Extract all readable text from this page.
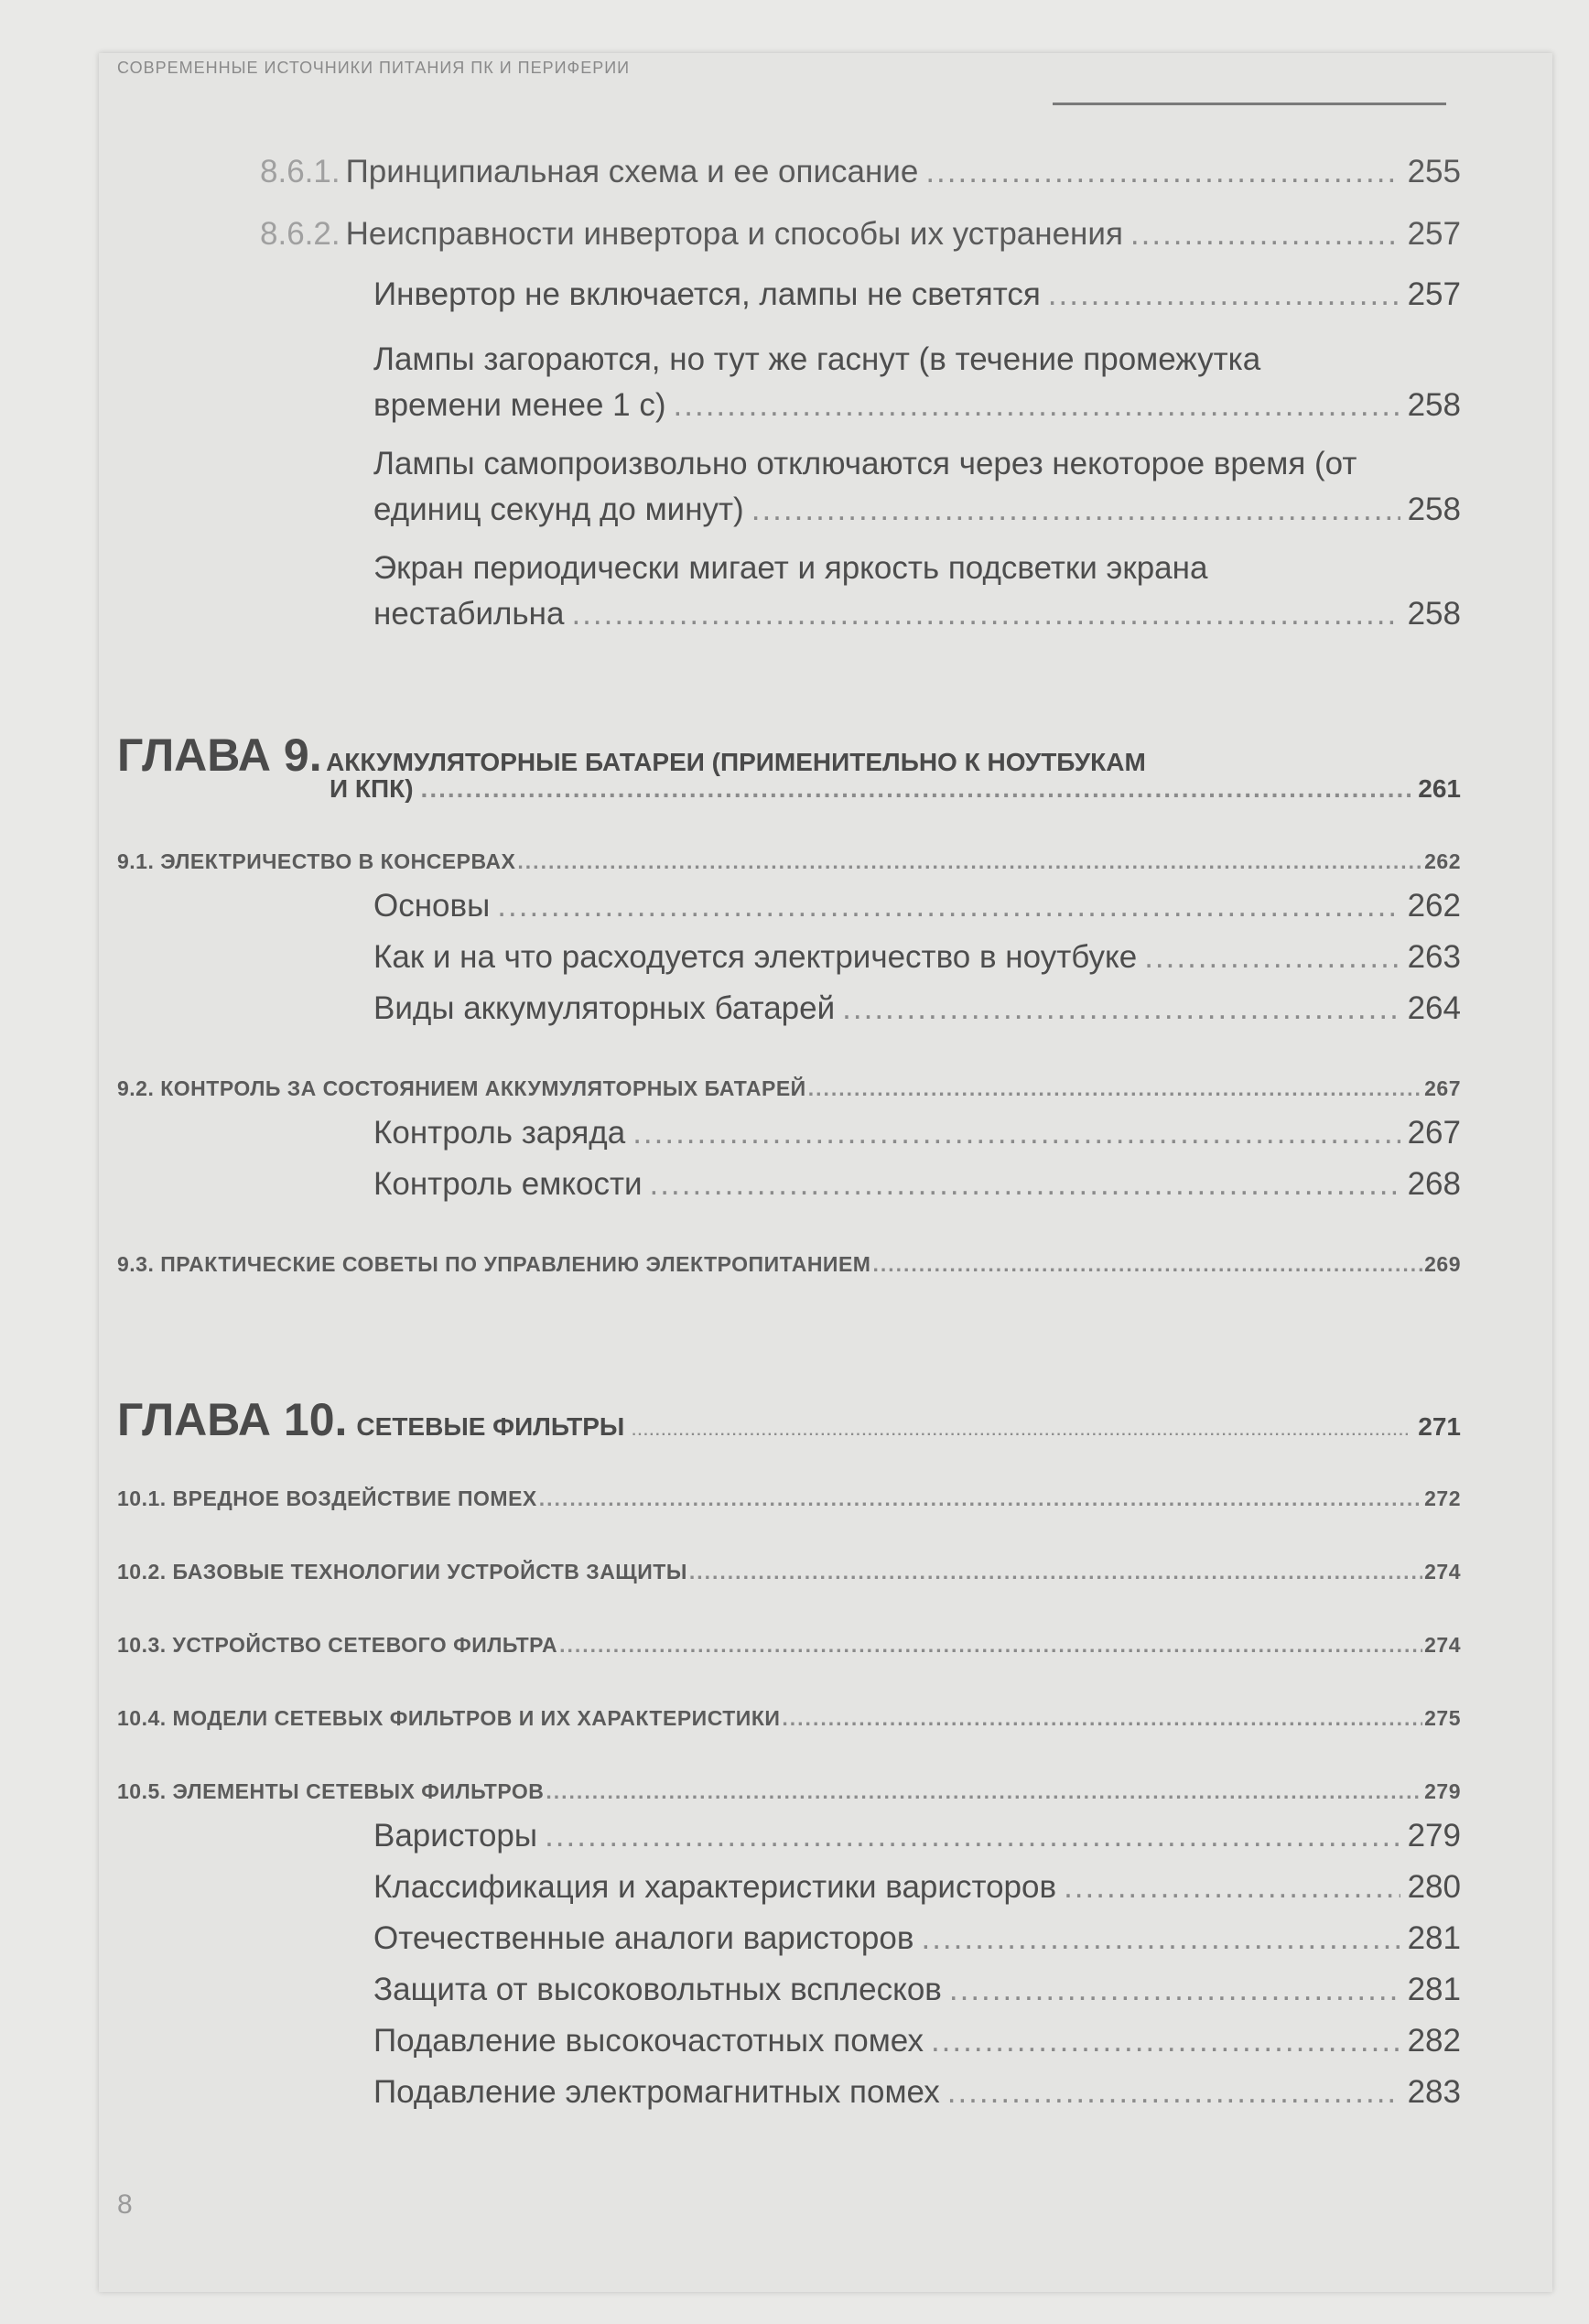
СОВРЕМЕННЫЕ ИСТОЧНИКИ ПИТАНИЯ ПК И ПЕРИФЕРИИ
8.6.1. Принципиальная схема и ее описание .....	255
8.6.2. Неисправности инвертора и способы их устранения .....	257
Инвертор не включается, лампы не светятся .....	257
Лампы загораются, но тут же гаснут (в течение промежутка
времени менее 1 с) .....	258
Лампы самопроизвольно отключаются через некоторое время (от
единиц секунд до минут) .....	258
Экран периодически мигает и яркость подсветки экрана
нестабильна .....	258
ГЛАВА 9. АККУМУЛЯТОРНЫЕ БАТАРЕИ (ПРИМЕНИТЕЛЬНО К НОУТБУКАМ
И КПК) .....	261
9.1. ЭЛЕКТРИЧЕСТВО В КОНСЕРВАХ .....	262
Основы .....	262
Как и на что расходуется электричество в ноутбуке .....	263
Виды аккумуляторных батарей .....	264
9.2. КОНТРОЛЬ ЗА СОСТОЯНИЕМ АККУМУЛЯТОРНЫХ БАТАРЕЙ .....	267
Контроль заряда .....	267
Контроль емкости .....	268
9.3. ПРАКТИЧЕСКИЕ СОВЕТЫ ПО УПРАВЛЕНИЮ ЭЛЕКТРОПИТАНИЕМ .....	269
ГЛАВА 10. СЕТЕВЫЕ ФИЛЬТРЫ .....	271
10.1. ВРЕДНОЕ ВОЗДЕЙСТВИЕ ПОМЕХ .....	272
10.2. БАЗОВЫЕ ТЕХНОЛОГИИ УСТРОЙСТВ ЗАЩИТЫ .....	274
10.3. УСТРОЙСТВО СЕТЕВОГО ФИЛЬТРА .....	274
10.4. МОДЕЛИ СЕТЕВЫХ ФИЛЬТРОВ И ИХ ХАРАКТЕРИСТИКИ .....	275
10.5. ЭЛЕМЕНТЫ СЕТЕВЫХ ФИЛЬТРОВ .....	279
Варисторы .....	279
Классификация и характеристики варисторов .....	280
Отечественные аналоги варисторов .....	281
Защита от высоковольтных всплесков .....	281
Подавление высокочастотных помех .....	282
Подавление электромагнитных помех .....	283
8
